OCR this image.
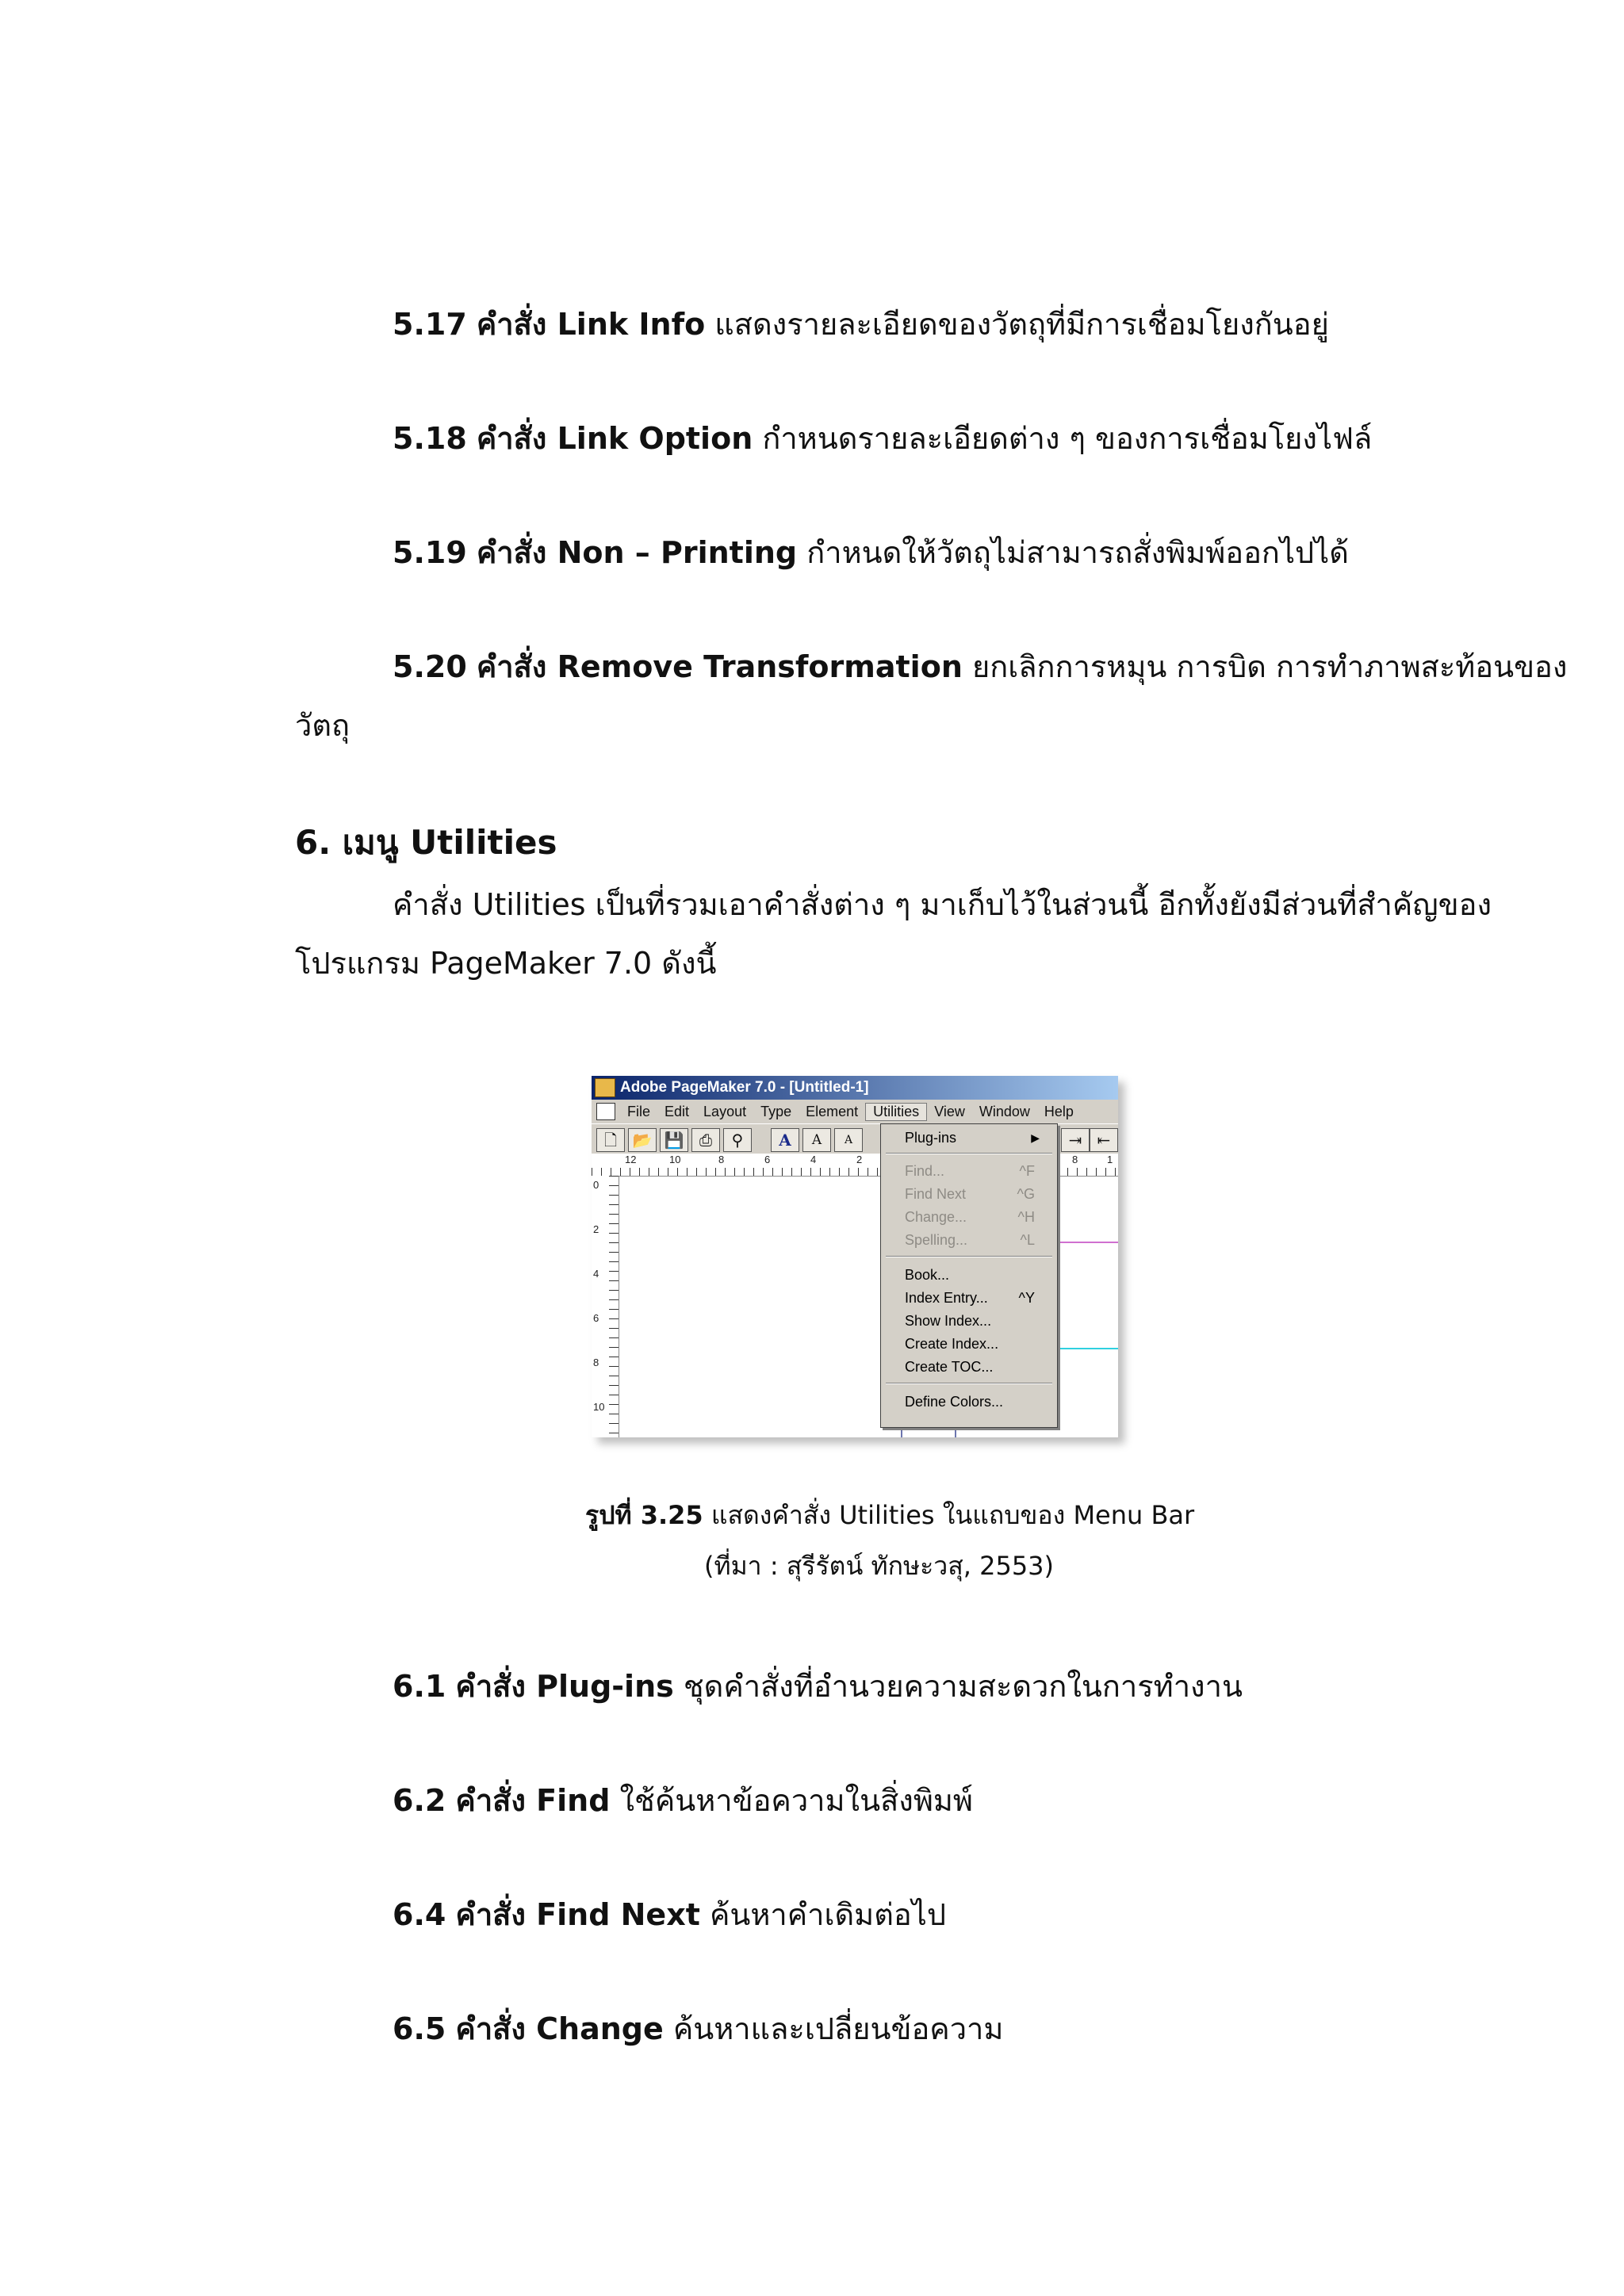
5.17 คำสั่ง Link Info แสดงรายละเอียดของวัตถุที่มีการเชื่อมโยงกันอยู่
5.18 คำสั่ง Link Option กำหนดรายละเอียดต่าง ๆ ของการเชื่อมโยงไฟล์
5.19 คำสั่ง Non – Printing กำหนดให้วัตถุไม่สามารถสั่งพิมพ์ออกไปได้
5.20 คำสั่ง Remove Transformation ยกเลิกการหมุน การบิด การทำภาพสะท้อนของ
วัตถุ
6. เมนู Utilities
คำสั่ง Utilities เป็นที่รวมเอาคำสั่งต่าง ๆ มาเก็บไว้ในส่วนนี้ อีกทั้งยังมีส่วนที่สำคัญของ
โปรแกรม PageMaker 7.0 ดังนี้
Adobe PageMaker 7.0 - [Untitled-1]
File	Edit	Layout	Type	Element	Utilities	View	Window	Help
🗋 📂 💾 ⎙	⚲	A	A	A	⇥ ⇤
12	10	8	6	4	2	8	1
0
2
4
6
8
10
Plug-ins	▶
Find...	^F
Find Next	^G
Change...	^H
Spelling...	^L
Book...
Index Entry... ^Y
Show Index...
Create Index...
Create TOC...
Define Colors...
รูปที่ 3.25 แสดงคำสั่ง Utilities ในแถบของ Menu Bar
(ที่มา : สุรีรัตน์ ทักษะวสุ, 2553)
6.1 คำสั่ง Plug-ins ชุดคำสั่งที่อำนวยความสะดวกในการทำงาน
6.2 คำสั่ง Find ใช้ค้นหาข้อความในสิ่งพิมพ์
6.4 คำสั่ง Find Next ค้นหาคำเดิมต่อไป
6.5 คำสั่ง Change ค้นหาและเปลี่ยนข้อความ
